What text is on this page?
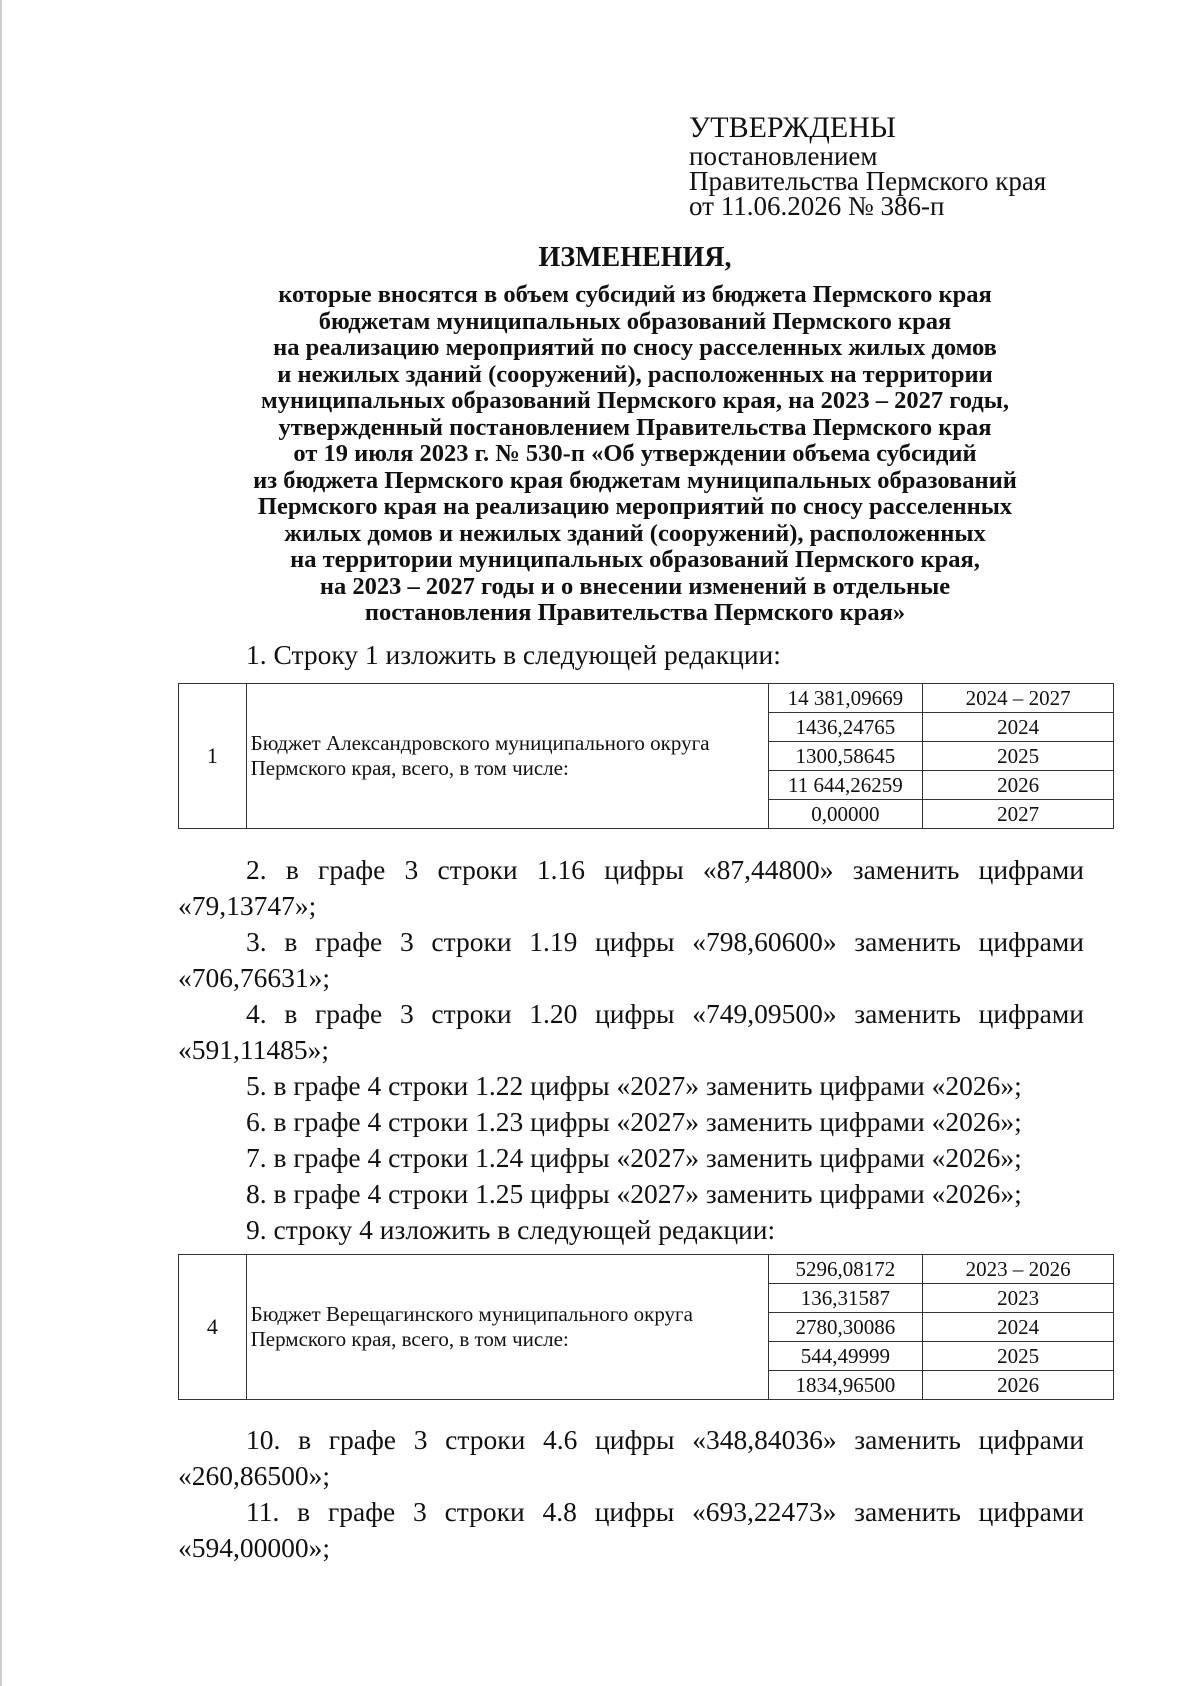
УТВЕРЖДЕНЫ
постановлением
Правительства Пермского края
от 11.06.2026 № 386-п
ИЗМЕНЕНИЯ,
которые вносятся в объем субсидий из бюджета Пермского края
бюджетам муниципальных образований Пермского края
на реализацию мероприятий по сносу расселенных жилых домов
и нежилых зданий (сооружений), расположенных на территории
муниципальных образований Пермского края, на 2023 – 2027 годы,
утвержденный постановлением Правительства Пермского края
от 19 июля 2023 г. № 530-п «Об утверждении объема субсидий
из бюджета Пермского края бюджетам муниципальных образований
Пермского края на реализацию мероприятий по сносу расселенных
жилых домов и нежилых зданий (сооружений), расположенных
на территории муниципальных образований Пермского края,
на 2023 – 2027 годы и о внесении изменений в отдельные
постановления Правительства Пермского края»
1. Строку 1 изложить в следующей редакции:
1	Бюджет Александровского муниципального округа Пермского края, всего, в том числе:	14 381,09669	2024 – 2027
		1436,24765	2024
		1300,58645	2025
		11 644,26259	2026
		0,00000	2027
2. в графе 3 строки 1.16 цифры «87,44800» заменить цифрами
«79,13747»;
3. в графе 3 строки 1.19 цифры «798,60600» заменить цифрами
«706,76631»;
4. в графе 3 строки 1.20 цифры «749,09500» заменить цифрами
«591,11485»;
5. в графе 4 строки 1.22 цифры «2027» заменить цифрами «2026»;
6. в графе 4 строки 1.23 цифры «2027» заменить цифрами «2026»;
7. в графе 4 строки 1.24 цифры «2027» заменить цифрами «2026»;
8. в графе 4 строки 1.25 цифры «2027» заменить цифрами «2026»;
9. строку 4 изложить в следующей редакции:
4	Бюджет Верещагинского муниципального округа Пермского края, всего, в том числе:	5296,08172	2023 – 2026
		136,31587	2023
		2780,30086	2024
		544,49999	2025
		1834,96500	2026
10. в графе 3 строки 4.6 цифры «348,84036» заменить цифрами
«260,86500»;
11. в графе 3 строки 4.8 цифры «693,22473» заменить цифрами
«594,00000»;
